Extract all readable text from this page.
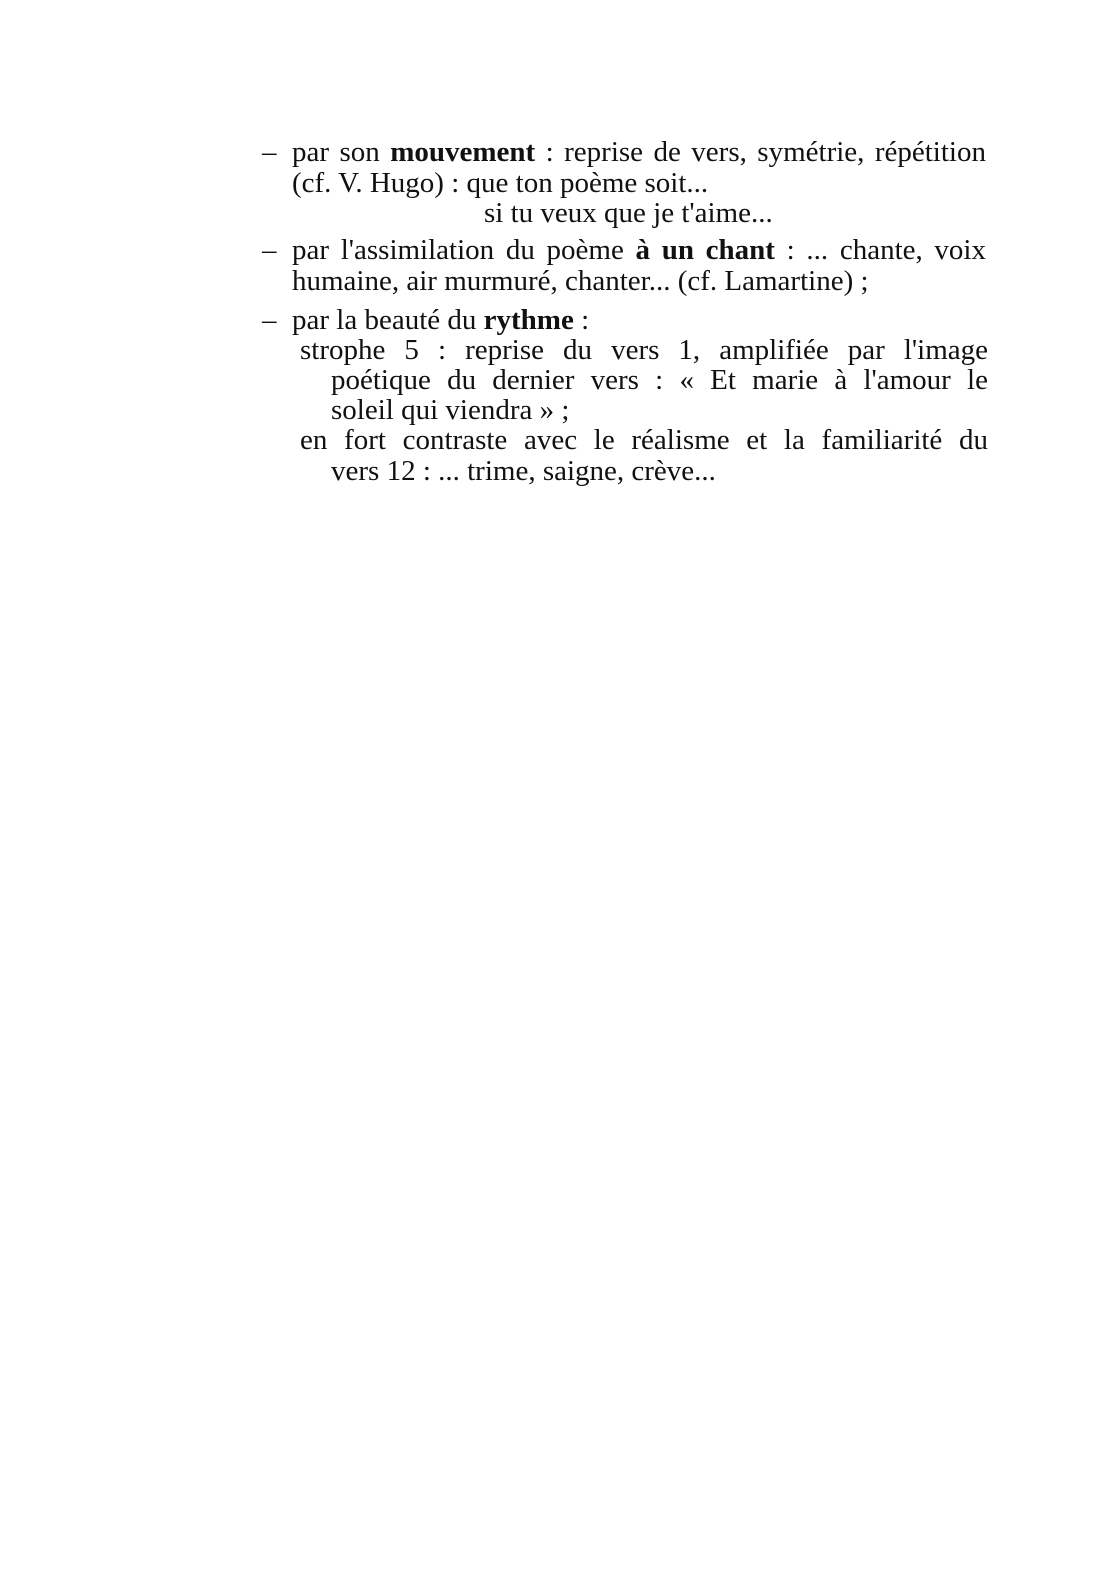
– par son mouvement : reprise de vers, symétrie, répétition
(cf. V. Hugo) : que ton poème soit...
si tu veux que je t'aime...
– par l'assimilation du poème à un chant : ... chante, voix
humaine, air murmuré, chanter... (cf. Lamartine) ;
– par la beauté du rythme :
strophe 5 : reprise du vers 1, amplifiée par l'image
poétique du dernier vers : « Et marie à l'amour le
soleil qui viendra » ;
en fort contraste avec le réalisme et la familiarité du
vers 12 : ... trime, saigne, crève...
